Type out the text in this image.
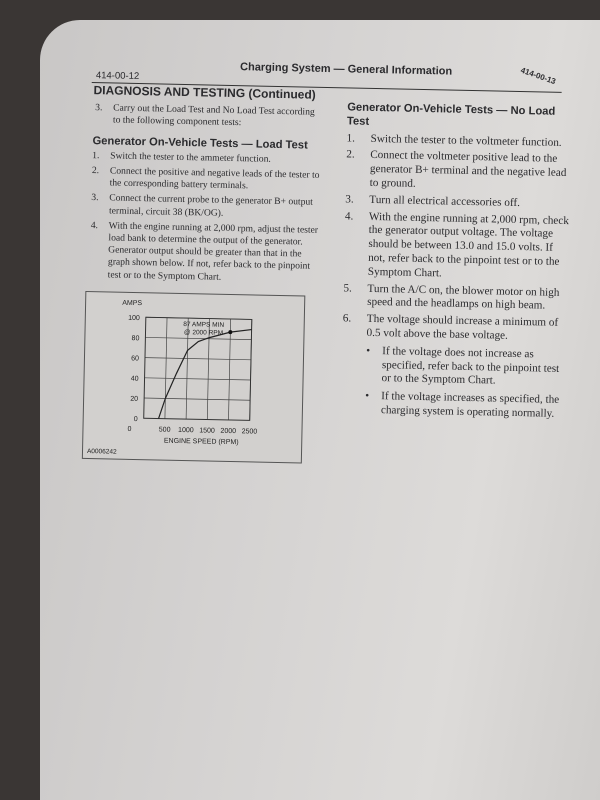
414-00-12	Charging System — General Information	414-00-13
DIAGNOSIS AND TESTING (Continued)
3.	Carry out the Load Test and No Load Test according to the following component tests:
Generator On-Vehicle Tests — Load Test
1.	Switch the tester to the ammeter function.
2.	Connect the positive and negative leads of the tester to the corresponding battery terminals.
3.	Connect the current probe to the generator B+ output terminal, circuit 38 (BK/OG).
4.	With the engine running at 2,000 rpm, adjust the tester load bank to determine the output of the generator. Generator output should be greater than that in the graph shown below. If not, refer back to the pinpoint test or to the Symptom Chart.
0	500 1000 1500 2000 2500
0
20
40
60
80
100
AMPS
ENGINE SPEED (RPM)
A0006242
87 AMPS MIN
@ 2000 RPM
Generator On-Vehicle Tests — No Load Test
1.	Switch the tester to the voltmeter function.
2.	Connect the voltmeter positive lead to the generator B+ terminal and the negative lead to ground.
3.	Turn all electrical accessories off.
4.	With the engine running at 2,000 rpm, check the generator output voltage. The voltage should be between 13.0 and 15.0 volts. If not, refer back to the pinpoint test or to the Symptom Chart.
5.	Turn the A/C on, the blower motor on high speed and the headlamps on high beam.
6.	The voltage should increase a minimum of 0.5 volt above the base voltage.
•	If the voltage does not increase as specified, refer back to the pinpoint test or to the Symptom Chart.
•	If the voltage increases as specified, the charging system is operating normally.
